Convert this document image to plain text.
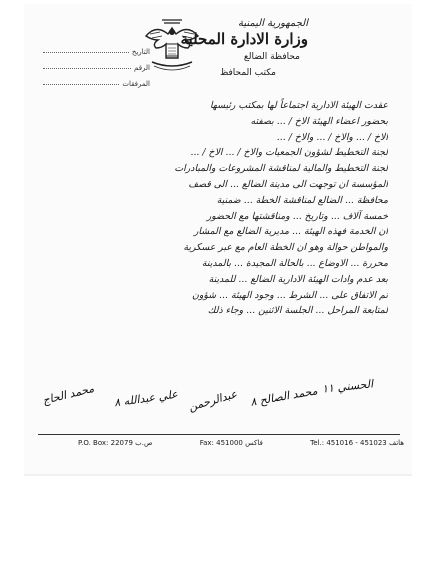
التاريخ
الرقم
المرفقات
الجمهورية اليمنية
وزارة الادارة المحلية
محافظة الضالع
مكتب المحافظ
عقدت الهيئة الادارية اجتماعاً لها بمكتب رئيسها
بحضور اعضاء الهيئة الاخ / ... بصفته
الاخ / ... والاخ / ... والاخ / ...
لجنة التخطيط لشؤون الجمعيات والاخ / ... الاخ / ...
لجنة التخطيط والمالية لمناقشة المشروعات والمبادرات
المؤسسة ان توجهت الى مدينة الضالع ... الى قصف
محافظة ... الضالع لمناقشة الخطة ... ضمنية
خمسة آلاف ... وتاريخ ... ومناقشتها مع الحضور
ان الخدمة فهذه الهيئة ... مديرية الضالع مع المشار
والمواطن حوالة وهو ان الخطة العام مع عبر عسكرية
محررة ... الاوضاع ... بالحالة المجيدة ... بالمدينة
بعد عدم وادات الهيئة الادارية الضالع ... للمدينة
تم الاتفاق على ... الشرط ... وجود الهيئة ... شؤون
لمتابعة المراحل ... الجلسة الاثنين ... وجاء ذلك
محمد الحاج علي عبدالله ٨ عبدالرحمن محمد الصالح ٨ الحسني ١١
P.O. Box: 22079 ص.ب	Fax: 451000 فاكس	Tel.: 451016 - 451023 هاتف
